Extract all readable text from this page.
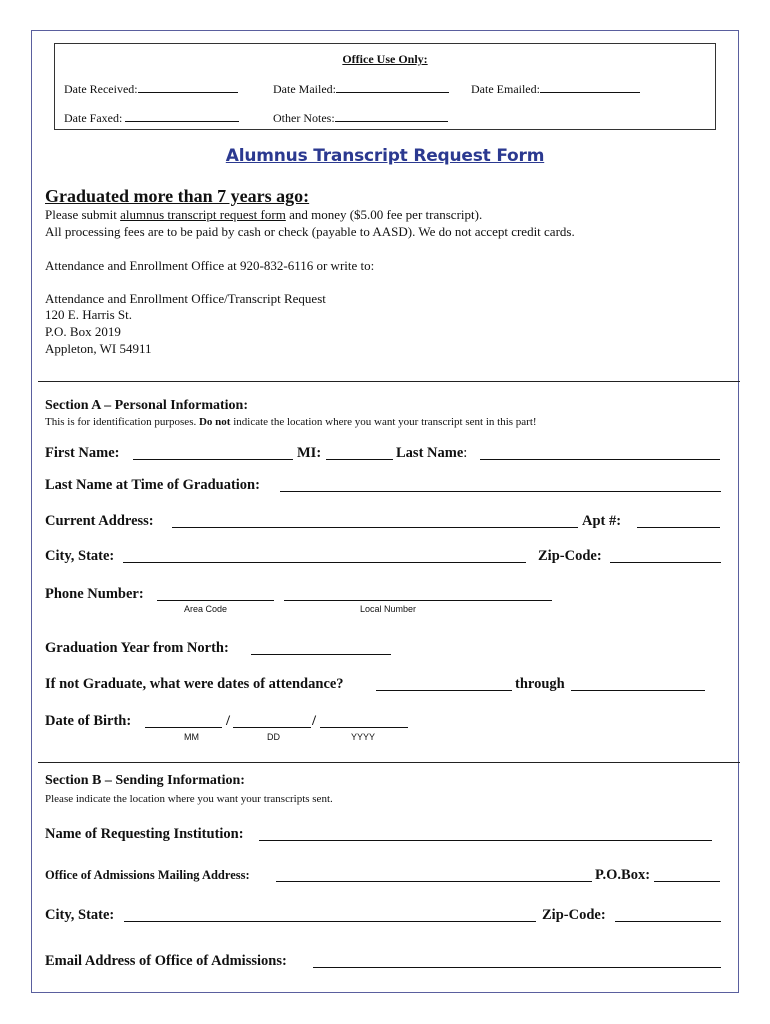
Office Use Only:
Date Received:	Date Mailed:	Date Emailed:
Date Faxed:	Other Notes:
Alumnus Transcript Request Form
Graduated more than 7 years ago:
Please submit alumnus transcript request form and money ($5.00 fee per transcript).
All processing fees are to be paid by cash or check (payable to AASD). We do not accept credit cards.
Attendance and Enrollment Office at 920-832-6116 or write to:
Attendance and Enrollment Office/Transcript Request
120 E. Harris St.
P.O. Box 2019
Appleton, WI 54911
Section A – Personal Information:
This is for identification purposes. Do not indicate the location where you want your transcript sent in this part!
First Name:	MI:	Last Name:
Last Name at Time of Graduation:
Current Address:	Apt #:
City, State:	Zip-Code:
Phone Number:
Area Code	Local Number
Graduation Year from North:
If not Graduate, what were dates of attendance?	through
Date of Birth:	/	/
MM	DD	YYYY
Section B – Sending Information:
Please indicate the location where you want your transcripts sent.
Name of Requesting Institution:
Office of Admissions Mailing Address:	P.O.Box:
City, State:	Zip-Code:
Email Address of Office of Admissions:
